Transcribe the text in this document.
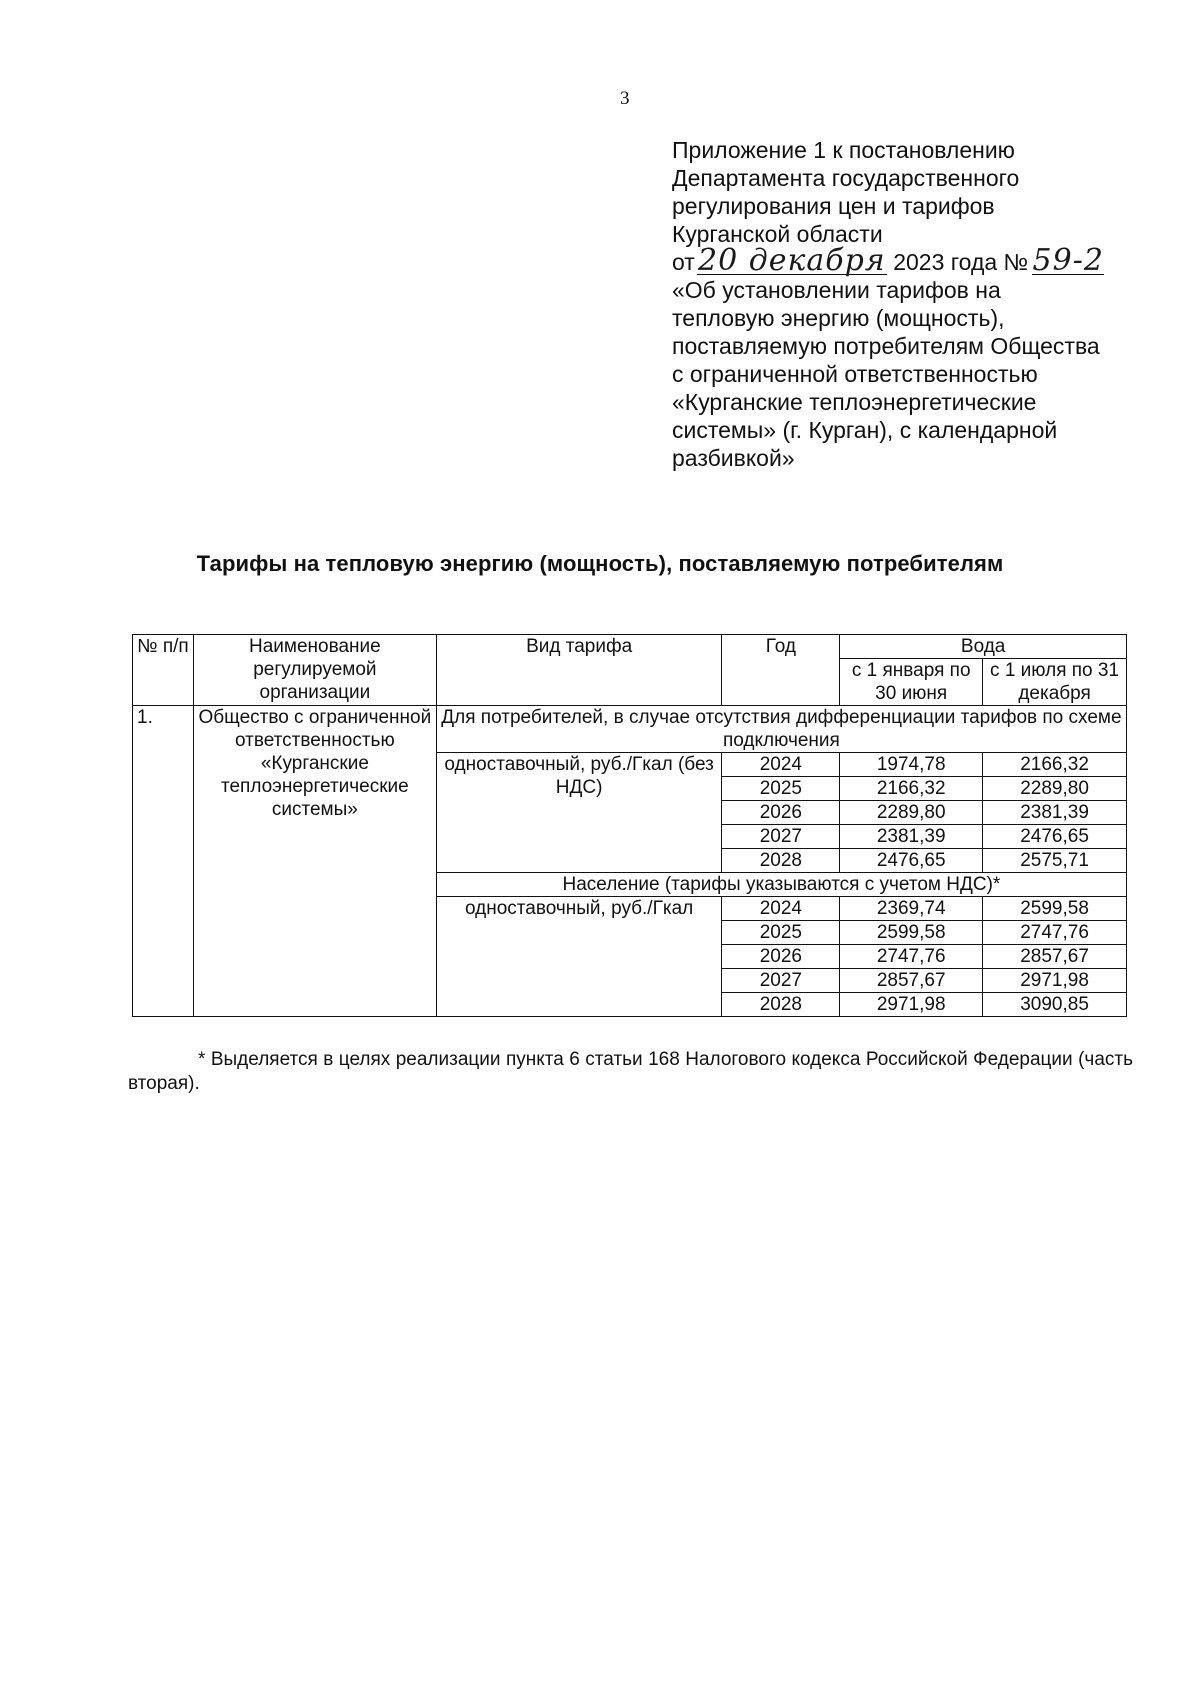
3
Приложение 1 к постановлению
Департамента государственного
регулирования цен и тарифов
Курганской области
от 20 декабря 2023 года № 59-2
«Об установлении тарифов на
тепловую энергию (мощность),
поставляемую потребителям Общества
с ограниченной ответственностью
«Курганские теплоэнергетические
системы» (г. Курган), с календарной
разбивкой»
Тарифы на тепловую энергию (мощность), поставляемую потребителям
№ п/п	Наименование регулируемой организации	Вид тарифа	Год	Вода	
				с 1 января по 30 июня	с 1 июля по 31 декабря
1.	Общество с ограниченной ответственностью «Курганские теплоэнергетические системы»	Для потребителей, в случае отсутствия дифференциации тарифов по схеме подключения			
		одноставочный, руб./Гкал (без НДС)	2024	1974,78	2166,32
			2025	2166,32	2289,80
			2026	2289,80	2381,39
			2027	2381,39	2476,65
			2028	2476,65	2575,71
		Население (тарифы указываются с учетом НДС)*			
		одноставочный, руб./Гкал	2024	2369,74	2599,58
			2025	2599,58	2747,76
			2026	2747,76	2857,67
			2027	2857,67	2971,98
			2028	2971,98	3090,85
* Выделяется в целях реализации пункта 6 статьи 168 Налогового кодекса Российской Федерации (часть вторая).
